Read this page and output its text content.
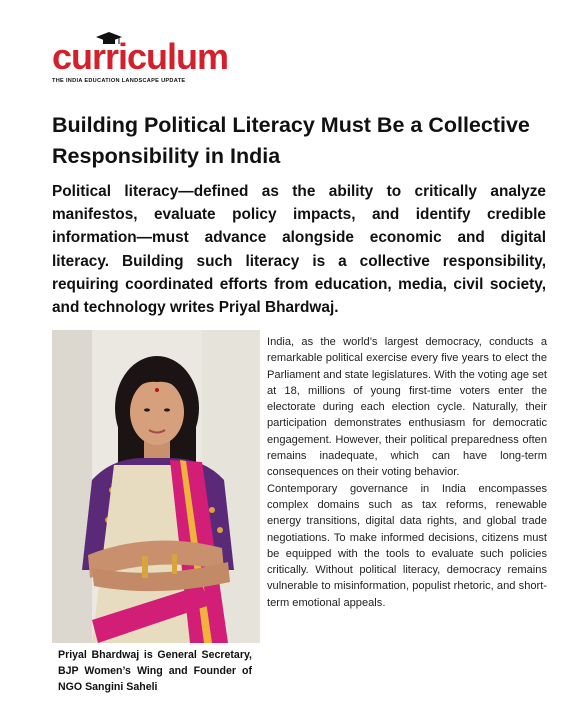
curriculum
THE INDIA EDUCATION LANDSCAPE UPDATE
Building Political Literacy Must Be a Collective Responsibility in India

Political literacy—defined as the ability to critically analyze manifestos, evaluate policy impacts, and identify credible information—must advance alongside economic and digital literacy. Building such literacy is a collective responsibility, requiring coordinated efforts from education, media, civil society, and technology writes Priyal Bhardwaj.

Priyal Bhardwaj is General Secretary, BJP Women’s Wing and Founder of NGO Sangini Saheli

India, as the world’s largest democracy, conducts a remarkable political exercise every five years to elect the Parliament and state legislatures. With the voting age set at 18, millions of young first-time voters enter the electorate during each election cycle. Naturally, their participation demonstrates enthusiasm for democratic engagement. However, their political preparedness often remains inadequate, which can have long-term consequences on their voting behavior.

Contemporary governance in India encompasses complex domains such as tax reforms, renewable energy transitions, digital data rights, and global trade negotiations. To make informed decisions, citizens must be equipped with the tools to evaluate such policies critically. Without political literacy, democracy remains vulnerable to misinformation, populist rhetoric, and short-term emotional appeals.
